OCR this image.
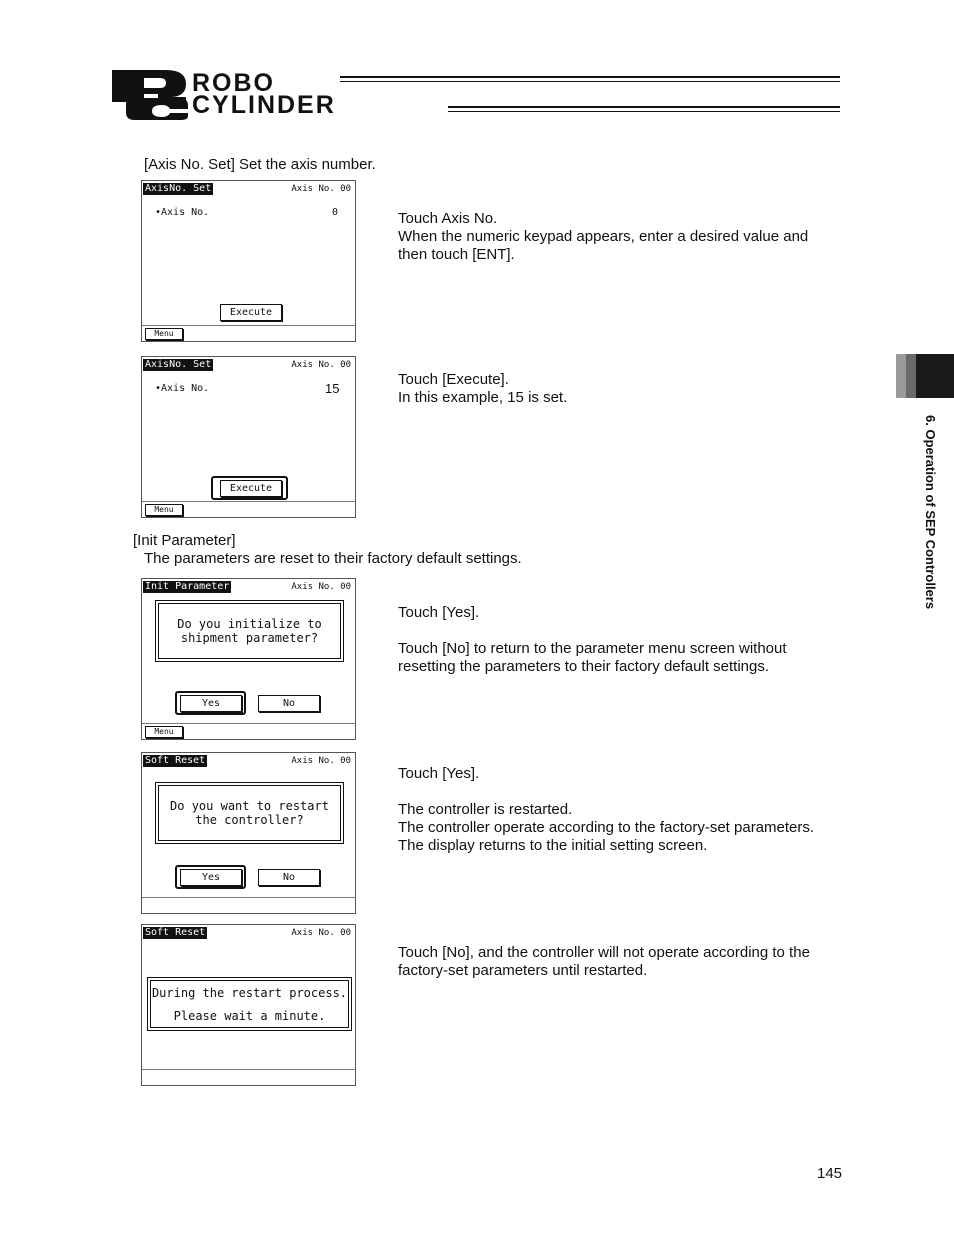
ROBO
CYLINDER
6. Operation of SEP Controllers
[Axis No. Set] Set the axis number.
AxisNo. Set	Axis No. 00
•Axis No.	0
Execute
Menu
Touch Axis No.
When the numeric keypad appears, enter a desired value and
then touch [ENT].
AxisNo. Set	Axis No. 00
•Axis No.	15
Execute
Menu
Touch [Execute].
In this example, 15 is set.
[Init Parameter]
The parameters are reset to their factory default settings.
Init Parameter	Axis No. 00
Do you initialize to
shipment parameter?
Yes	No
Menu
Touch [Yes].
Touch [No] to return to the parameter menu screen without
resetting the parameters to their factory default settings.
Soft Reset	Axis No. 00
Do you want to restart
the controller?
Yes	No
Touch [Yes].
The controller is restarted.
The controller operate according to the factory-set parameters.
The display returns to the initial setting screen.
Soft Reset	Axis No. 00
During the restart process.
Please wait a minute.
Touch [No], and the controller will not operate according to the
factory-set parameters until restarted.
145
